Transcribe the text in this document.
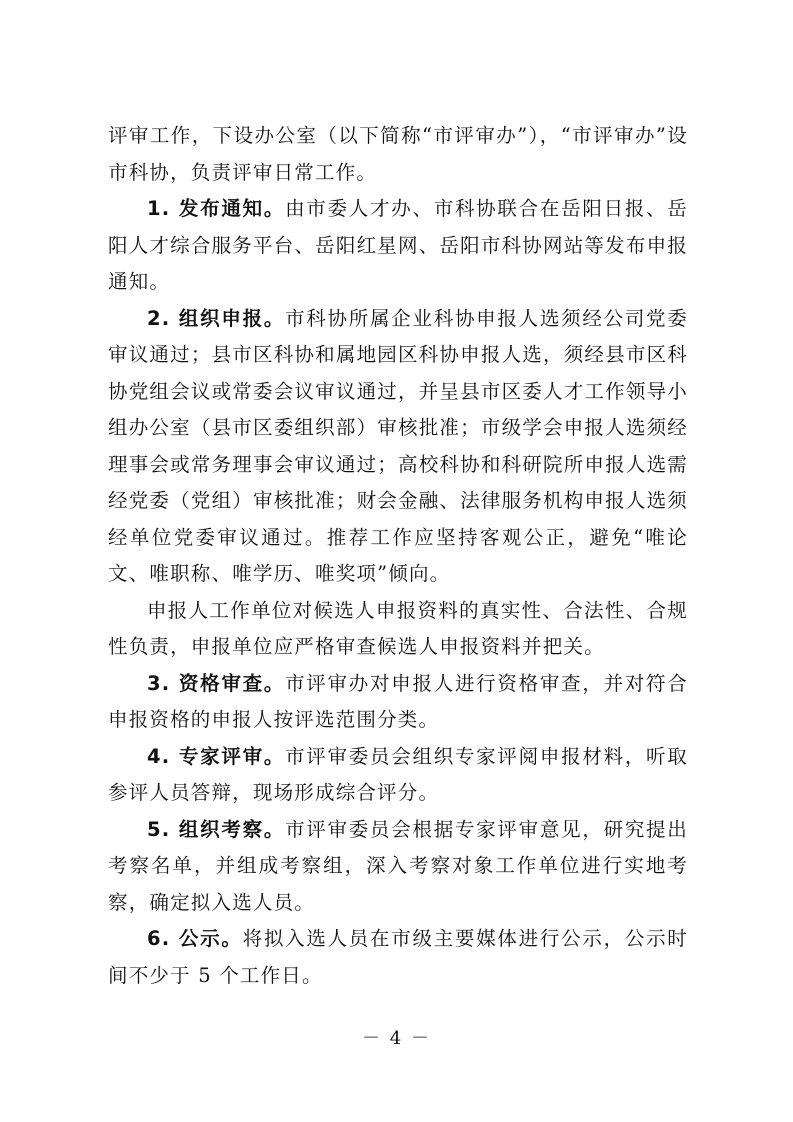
评审工作，下设办公室（以下简称“市评审办”），“市评审办”设市科协，负责评审日常工作。

1. 发布通知。由市委人才办、市科协联合在岳阳日报、岳阳人才综合服务平台、岳阳红星网、岳阳市科协网站等发布申报通知。

2. 组织申报。市科协所属企业科协申报人选须经公司党委审议通过；县市区科协和属地园区科协申报人选，须经县市区科协党组会议或常委会议审议通过，并呈县市区委人才工作领导小组办公室（县市区委组织部）审核批准；市级学会申报人选须经理事会或常务理事会审议通过；高校科协和科研院所申报人选需经党委（党组）审核批准；财会金融、法律服务机构申报人选须经单位党委审议通过。推荐工作应坚持客观公正，避免“唯论文、唯职称、唯学历、唯奖项”倾向。

申报人工作单位对候选人申报资料的真实性、合法性、合规性负责，申报单位应严格审查候选人申报资料并把关。

3. 资格审查。市评审办对申报人进行资格审查，并对符合申报资格的申报人按评选范围分类。

4. 专家评审。市评审委员会组织专家评阅申报材料，听取参评人员答辩，现场形成综合评分。

5. 组织考察。市评审委员会根据专家评审意见，研究提出考察名单，并组成考察组，深入考察对象工作单位进行实地考察，确定拟入选人员。

6. 公示。将拟入选人员在市级主要媒体进行公示，公示时间不少于 5 个工作日。

－ 4 －
